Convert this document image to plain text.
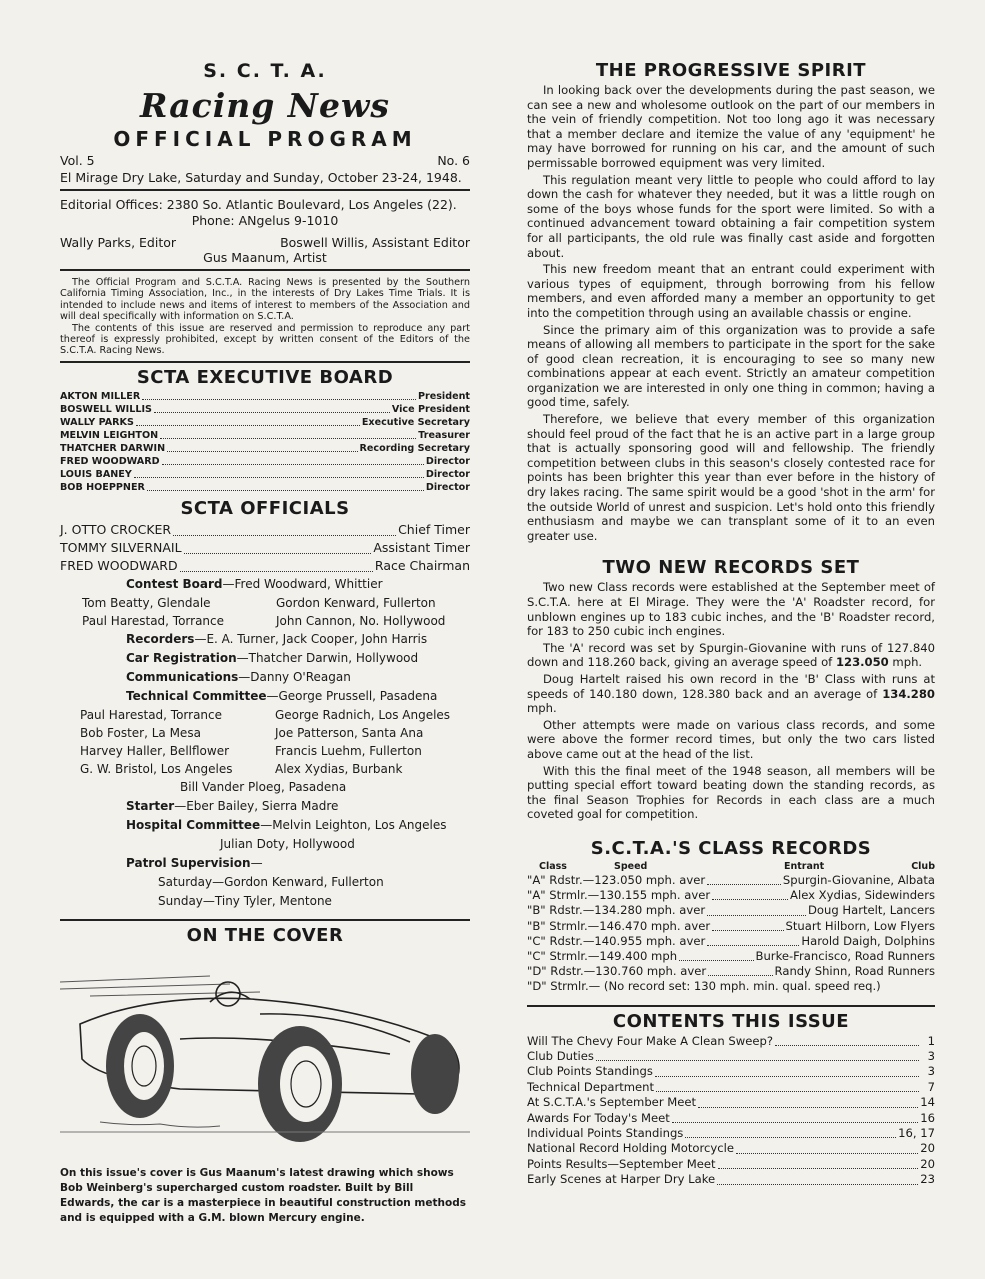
S. C. T. A.
Racing News
OFFICIAL PROGRAM
Vol. 5	No. 6
El Mirage Dry Lake, Saturday and Sunday, October 23-24, 1948.
Editorial Offices: 2380 So. Atlantic Boulevard, Los Angeles (22).
Phone: ANgelus 9-1010
Wally Parks, Editor	Boswell Willis, Assistant Editor
Gus Maanum, Artist

The Official Program and S.C.T.A. Racing News is presented by the Southern California Timing Association, Inc., in the interests of Dry Lakes Time Trials. It is intended to include news and items of interest to members of the Association and will deal specifically with information on S.C.T.A.

The contents of this issue are reserved and permission to reproduce any part thereof is expressly prohibited, except by written consent of the Editors of the S.C.T.A. Racing News.

SCTA EXECUTIVE BOARD
AKTON MILLER	President
BOSWELL WILLIS	Vice President
WALLY PARKS	Executive Secretary
MELVIN LEIGHTON	Treasurer
THATCHER DARWIN	Recording Secretary
FRED WOODWARD	Director
LOUIS BANEY	Director
BOB HOEPPNER	Director
SCTA OFFICIALS
J. OTTO CROCKER	Chief Timer
TOMMY SILVERNAIL	Assistant Timer
FRED WOODWARD	Race Chairman
Contest Board—Fred Woodward, Whittier
Tom Beatty, Glendale	Gordon Kenward, Fullerton
Paul Harestad, Torrance	John Cannon, No. Hollywood
Recorders—E. A. Turner, Jack Cooper, John Harris
Car Registration—Thatcher Darwin, Hollywood
Communications—Danny O'Reagan
Technical Committee—George Prussell, Pasadena
Paul Harestad, Torrance	George Radnich, Los Angeles
Bob Foster, La Mesa	Joe Patterson, Santa Ana
Harvey Haller, Bellflower	Francis Luehm, Fullerton
G. W. Bristol, Los Angeles	Alex Xydias, Burbank
Bill Vander Ploeg, Pasadena
Starter—Eber Bailey, Sierra Madre
Hospital Committee—Melvin Leighton, Los Angeles
Julian Doty, Hollywood
Patrol Supervision—
Saturday—Gordon Kenward, Fullerton
Sunday—Tiny Tyler, Mentone
ON THE COVER
On this issue's cover is Gus Maanum's latest drawing which shows Bob Weinberg's supercharged custom roadster. Built by Bill Edwards, the car is a masterpiece in beautiful construction methods and is equipped with a G.M. blown Mercury engine.
THE PROGRESSIVE SPIRIT

In looking back over the developments during the past season, we can see a new and wholesome outlook on the part of our members in the vein of friendly competition. Not too long ago it was necessary that a member declare and itemize the value of any 'equipment' he may have borrowed for running on his car, and the amount of such permissable borrowed equipment was very limited.

This regulation meant very little to people who could afford to lay down the cash for whatever they needed, but it was a little rough on some of the boys whose funds for the sport were limited. So with a continued advancement toward obtaining a fair competition system for all participants, the old rule was finally cast aside and forgotten about.

This new freedom meant that an entrant could experiment with various types of equipment, through borrowing from his fellow members, and even afforded many a member an opportunity to get into the competition through using an available chassis or engine.

Since the primary aim of this organization was to provide a safe means of allowing all members to participate in the sport for the sake of good clean recreation, it is encouraging to see so many new combinations appear at each event. Strictly an amateur competition organization we are interested in only one thing in common; having a good time, safely.

Therefore, we believe that every member of this organization should feel proud of the fact that he is an active part in a large group that is actually sponsoring good will and fellowship. The friendly competition between clubs in this season's closely contested race for points has been brighter this year than ever before in the history of dry lakes racing. The same spirit would be a good 'shot in the arm' for the outside World of unrest and suspicion. Let's hold onto this friendly enthusiasm and maybe we can transplant some of it to an even greater use.

TWO NEW RECORDS SET

Two new Class records were established at the September meet of S.C.T.A. here at El Mirage. They were the 'A' Roadster record, for unblown engines up to 183 cubic inches, and the 'B' Roadster record, for 183 to 250 cubic inch engines.

The 'A' record was set by Spurgin-Giovanine with runs of 127.840 down and 118.260 back, giving an average speed of 123.050 mph.

Doug Hartelt raised his own record in the 'B' Class with runs at speeds of 140.180 down, 128.380 back and an average of 134.280 mph.

Other attempts were made on various class records, and some were above the former record times, but only the two cars listed above came out at the head of the list.

With this the final meet of the 1948 season, all members will be putting special effort toward beating down the standing records, as the final Season Trophies for Records in each class are a much coveted goal for competition.

S.C.T.A.'S CLASS RECORDS
Class	Speed	Entrant	Club
"A" Rdstr.—123.050 mph. aver	Spurgin-Giovanine, Albata
"A" Strmlr.—130.155 mph. aver	Alex Xydias, Sidewinders
"B" Rdstr.—134.280 mph. aver	Doug Hartelt, Lancers
"B" Strmlr.—146.470 mph. aver	Stuart Hilborn, Low Flyers
"C" Rdstr.—140.955 mph. aver	Harold Daigh, Dolphins
"C" Strmlr.—149.400 mph	Burke-Francisco, Road Runners
"D" Rdstr.—130.760 mph. aver	Randy Shinn, Road Runners
"D" Strmlr.— (No record set: 130 mph. min. qual. speed req.)
CONTENTS THIS ISSUE
Will The Chevy Four Make A Clean Sweep?	1
Club Duties	3
Club Points Standings	3
Technical Department	7
At S.C.T.A.'s September Meet	14
Awards For Today's Meet	16
Individual Points Standings	16, 17
National Record Holding Motorcycle	20
Points Results—September Meet	20
Early Scenes at Harper Dry Lake	23
